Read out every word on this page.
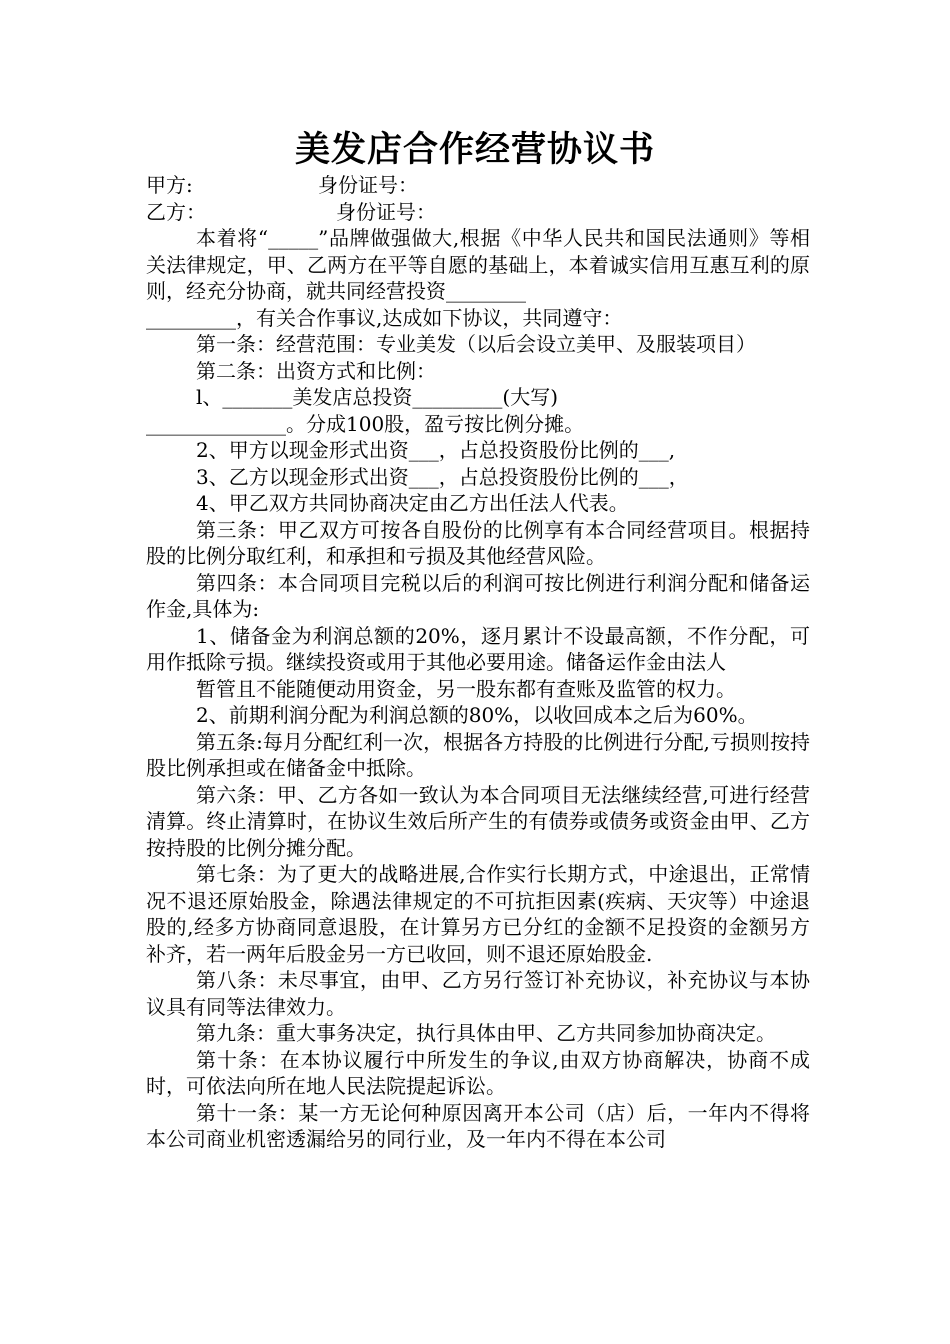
美发店合作经营协议书
甲方:	身份证号：
乙方：	身份证号：

本着将“_____”品牌做强做大,根据《中华人民共和国民法通则》等相关法律规定，甲、乙两方在平等自愿的基础上，本着诚实信用互惠互利的原则，经充分协商，就共同经营投资________

_________，有关合作事议,达成如下协议，共同遵守：

第一条：经营范围：专业美发（以后会设立美甲、及服装项目）

第二条：出资方式和比例：

l、_______美发店总投资_________(大写)

______________。分成100股，盈亏按比例分摊。

2、甲方以现金形式出资___，占总投资股份比例的___,

3、乙方以现金形式出资___，占总投资股份比例的___，

4、甲乙双方共同协商决定由乙方出任法人代表。

第三条：甲乙双方可按各自股份的比例享有本合同经营项目。根据持股的比例分取红利，和承担和亏损及其他经营风险。

第四条：本合同项目完税以后的利润可按比例进行利润分配和储备运作金,具体为:

1、储备金为利润总额的20%，逐月累计不设最高额，不作分配，可用作抵除亏损。继续投资或用于其他必要用途。储备运作金由法人

暂管且不能随便动用资金，另一股东都有查账及监管的权力。

2、前期利润分配为利润总额的80%，以收回成本之后为60%。

第五条:每月分配红利一次，根据各方持股的比例进行分配,亏损则按持股比例承担或在储备金中抵除。

第六条：甲、乙方各如一致认为本合同项目无法继续经营,可进行经营清算。终止清算时，在协议生效后所产生的有债券或债务或资金由甲、乙方按持股的比例分摊分配。

第七条：为了更大的战略进展,合作实行长期方式，中途退出，正常情况不退还原始股金，除遇法律规定的不可抗拒因素(疾病、天灾等）中途退股的,经多方协商同意退股，在计算另方已分红的金额不足投资的金额另方补齐，若一两年后股金另一方已收回，则不退还原始股金.

第八条：未尽事宜，由甲、乙方另行签订补充协议，补充协议与本协议具有同等法律效力。

第九条：重大事务决定，执行具体由甲、乙方共同参加协商决定。

第十条：在本协议履行中所发生的争议,由双方协商解决，协商不成时，可依法向所在地人民法院提起诉讼。

第十一条：某一方无论何种原因离开本公司（店）后，一年内不得将本公司商业机密透漏给另的同行业，及一年内不得在本公司
